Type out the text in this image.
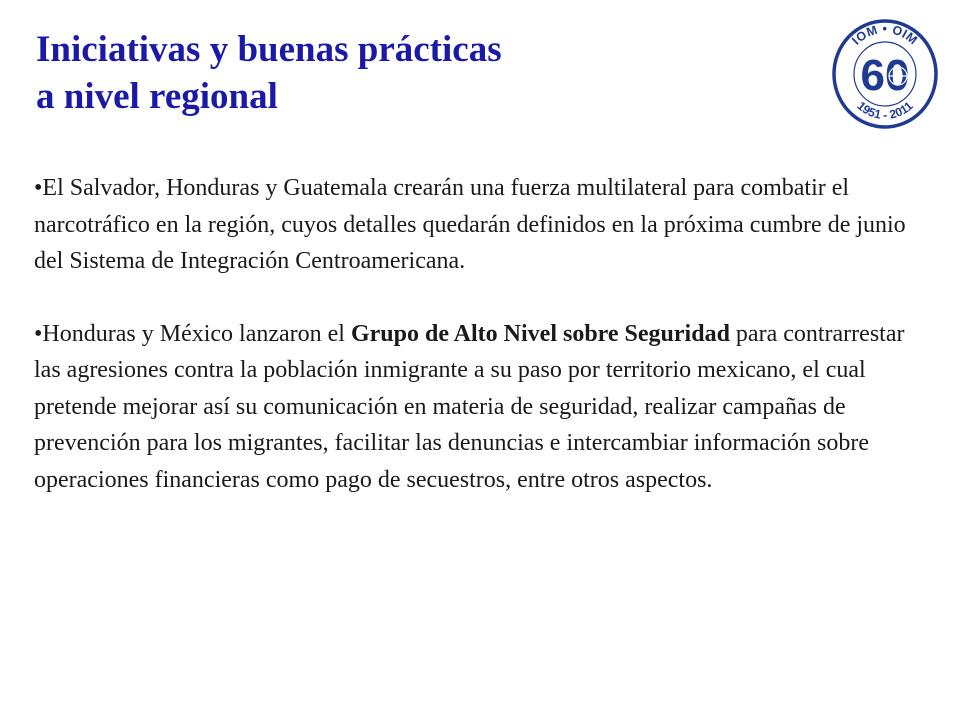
Iniciativas y buenas prácticas
a nivel regional
IOM • OIM
1951 - 2011
60

•El Salvador, Honduras y Guatemala crearán una fuerza multilateral para combatir el narcotráfico en la región, cuyos detalles quedarán definidos en la próxima cumbre de junio del Sistema de Integración Centroamericana.

•Honduras y México lanzaron el Grupo de Alto Nivel sobre Seguridad para contrarrestar las agresiones contra la población inmigrante a su paso por territorio mexicano, el cual pretende mejorar así su comunicación en materia de seguridad, realizar campañas de prevención para los migrantes, facilitar las denuncias e intercambiar información sobre operaciones financieras como pago de secuestros, entre otros aspectos.
